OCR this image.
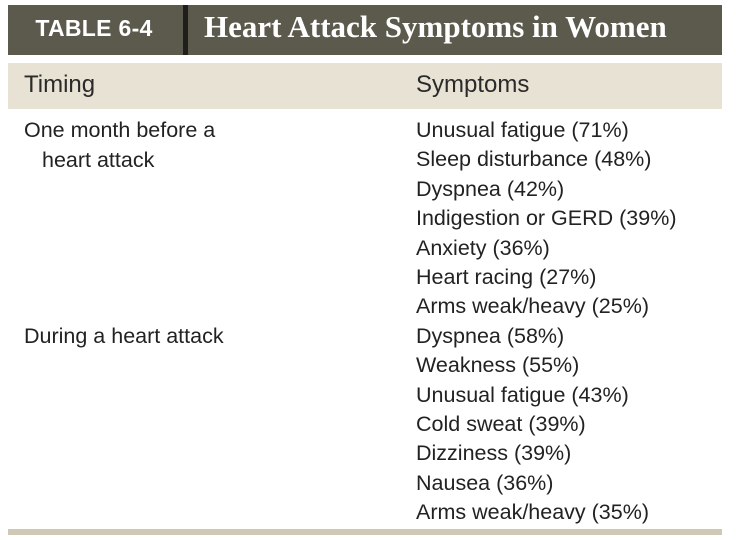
TABLE 6-4	Heart Attack Symptoms in Women
Timing	Symptoms
One month before a
heart attack
During a heart attack
Unusual fatigue (71%)
Sleep disturbance (48%)
Dyspnea (42%)
Indigestion or GERD (39%)
Anxiety (36%)
Heart racing (27%)
Arms weak/heavy (25%)
Dyspnea (58%)
Weakness (55%)
Unusual fatigue (43%)
Cold sweat (39%)
Dizziness (39%)
Nausea (36%)
Arms weak/heavy (35%)
